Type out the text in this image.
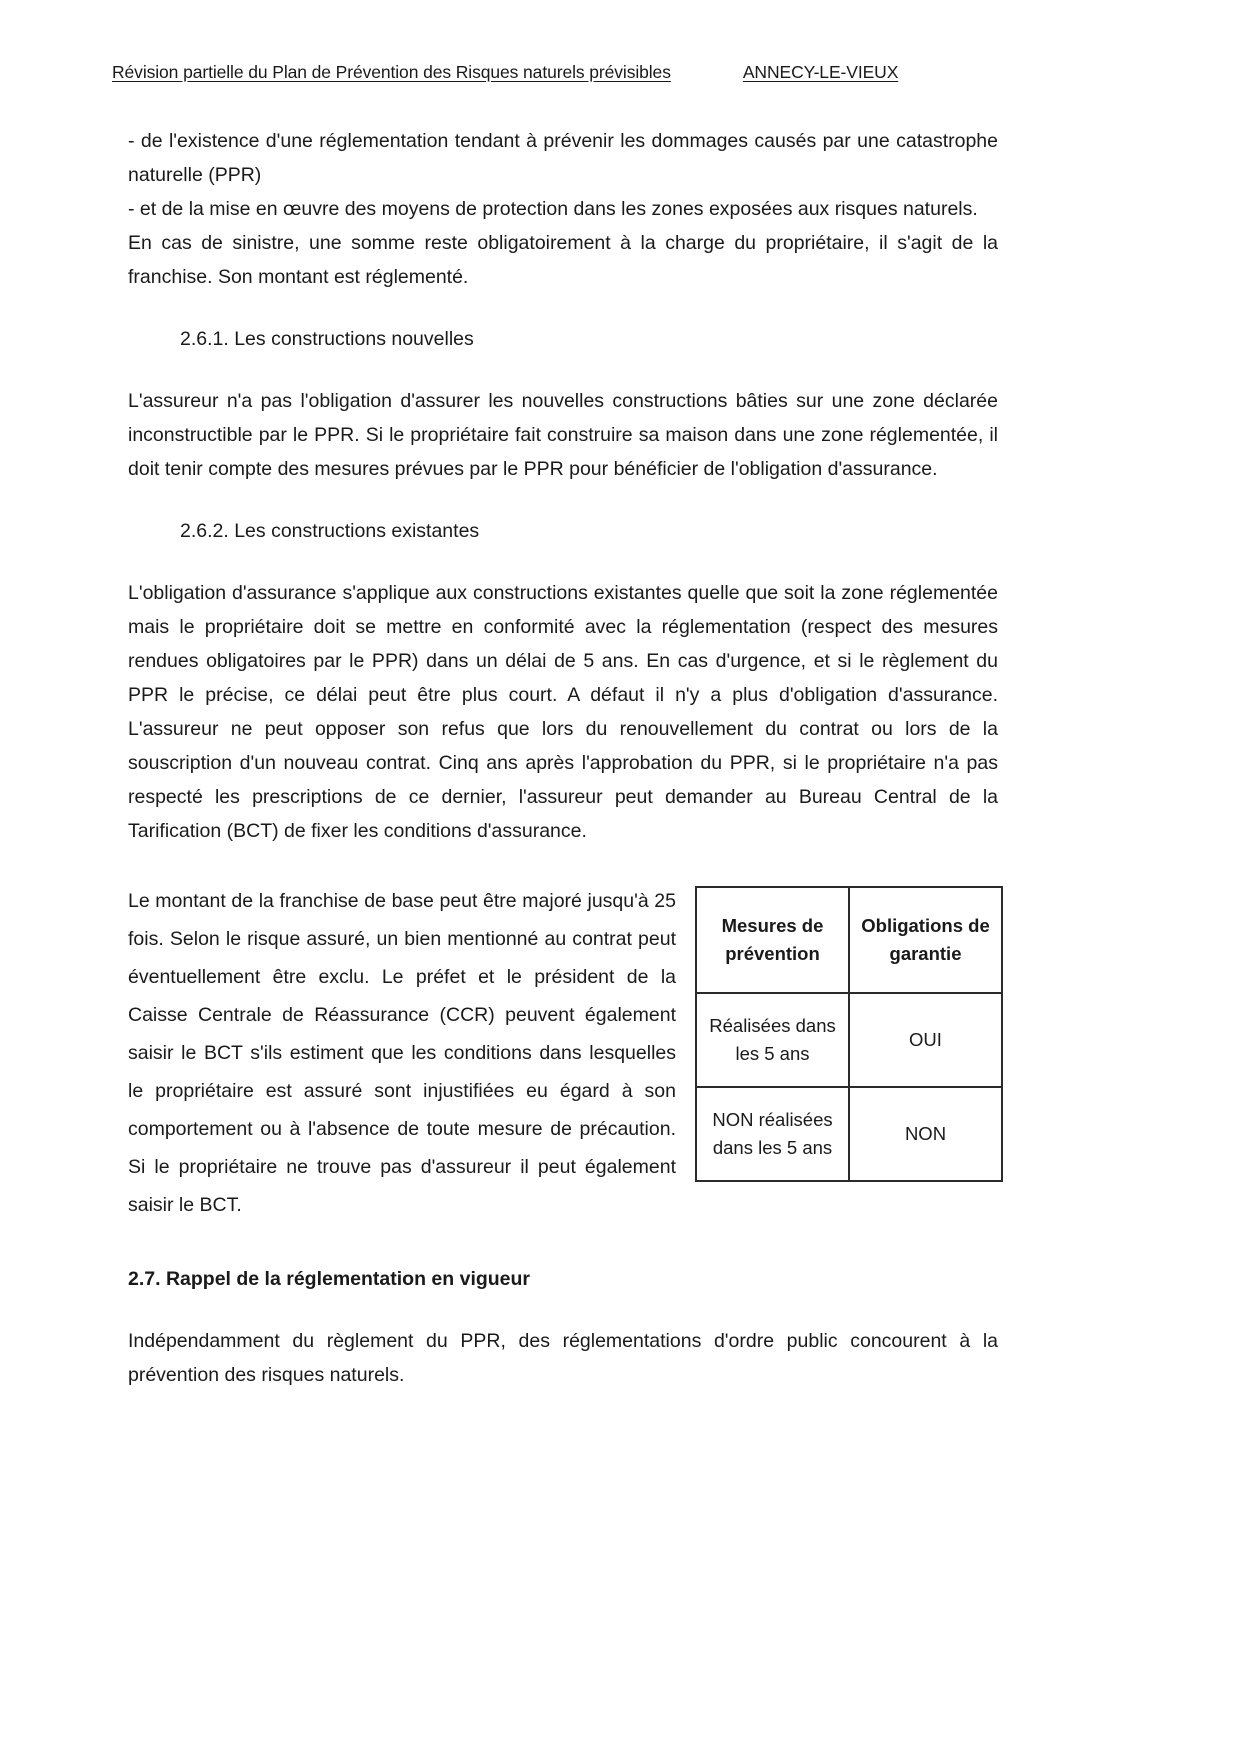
Révision partielle du Plan de Prévention des Risques naturels prévisibles	ANNECY-LE-VIEUX

- de l'existence d'une réglementation tendant à prévenir les dommages causés par une catastrophe naturelle (PPR)

- et de la mise en œuvre des moyens de protection dans les zones exposées aux risques naturels.

En cas de sinistre, une somme reste obligatoirement à la charge du propriétaire, il s'agit de la franchise. Son montant est réglementé.

2.6.1. Les constructions nouvelles

L'assureur n'a pas l'obligation d'assurer les nouvelles constructions bâties sur une zone déclarée inconstructible par le PPR. Si le propriétaire fait construire sa maison dans une zone réglementée, il doit tenir compte des mesures prévues par le PPR pour bénéficier de l'obligation d'assurance.

2.6.2. Les constructions existantes

L'obligation d'assurance s'applique aux constructions existantes quelle que soit la zone réglementée mais le propriétaire doit se mettre en conformité avec la réglementation (respect des mesures rendues obligatoires par le PPR) dans un délai de 5 ans. En cas d'urgence, et si le règlement du PPR le précise, ce délai peut être plus court. A défaut il n'y a plus d'obligation d'assurance. L'assureur ne peut opposer son refus que lors du renouvellement du contrat ou lors de la souscription d'un nouveau contrat. Cinq ans après l'approbation du PPR, si le propriétaire n'a pas respecté les prescriptions de ce dernier, l'assureur peut demander au Bureau Central de la Tarification (BCT) de fixer les conditions d'assurance.

Le montant de la franchise de base peut être majoré jusqu'à 25 fois. Selon le risque assuré, un bien mentionné au contrat peut éventuellement être exclu. Le préfet et le président de la Caisse Centrale de Réassurance (CCR) peuvent également saisir le BCT s'ils estiment que les conditions dans lesquelles le propriétaire est assuré sont injustifiées eu égard à son comportement ou à l'absence de toute mesure de précaution. Si le propriétaire ne trouve pas d'assureur il peut également saisir le BCT.

Mesures de prévention	Obligations de garantie
Réalisées dans les 5 ans	OUI
NON réalisées dans les 5 ans	NON
2.7. Rappel de la réglementation en vigueur

Indépendamment du règlement du PPR, des réglementations d'ordre public concourent à la prévention des risques naturels.
